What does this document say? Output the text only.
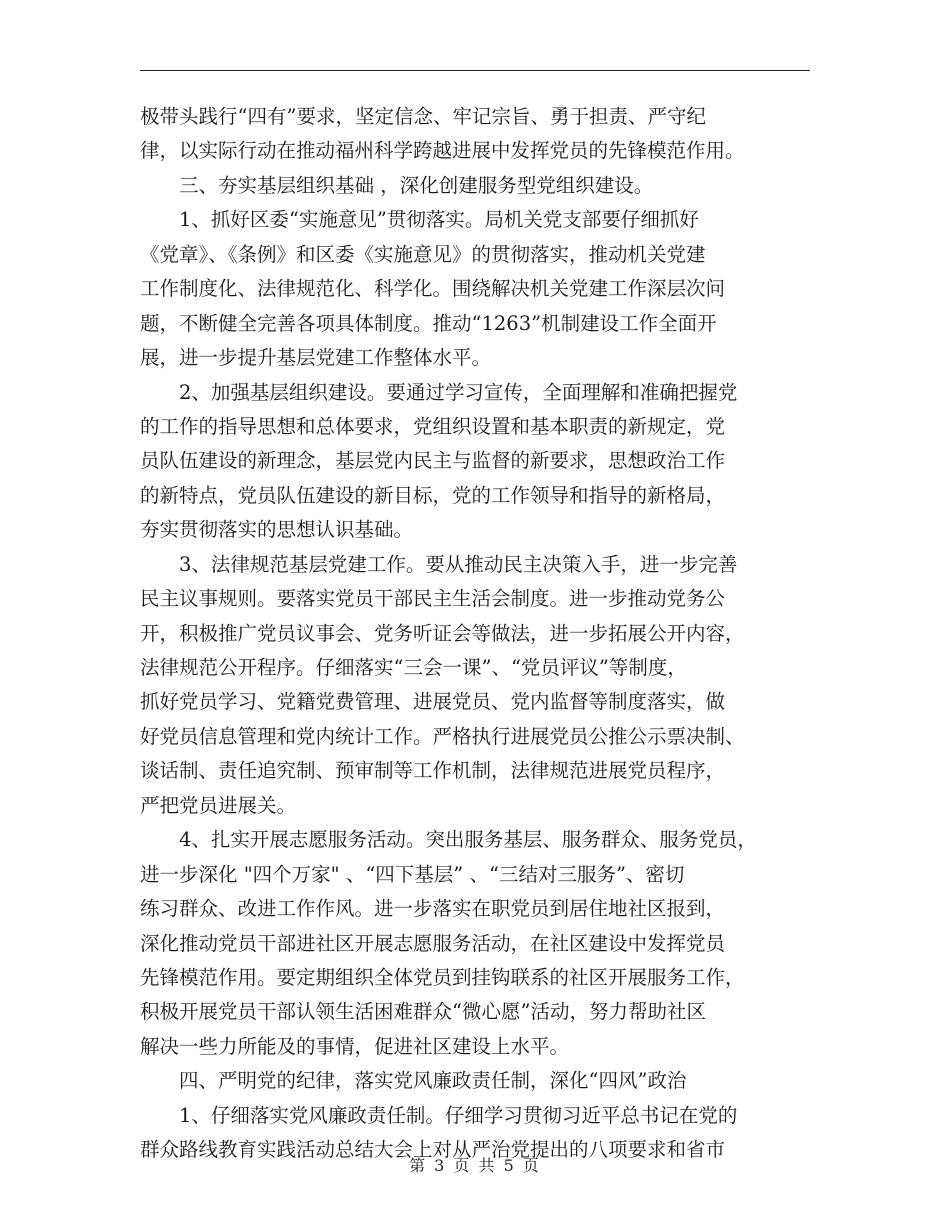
极带头践行“四有”要求，坚定信念、牢记宗旨、勇于担责、严守纪
律，以实际行动在推动福州科学跨越进展中发挥党员的先锋模范作用。
三、夯实基层组织基础 ，深化创建服务型党组织建设。
1、抓好区委“实施意见”贯彻落实。局机关党支部要仔细抓好
《党章》、《条例》和区委《实施意见》的贯彻落实，推动机关党建
工作制度化、法律规范化、科学化。围绕解决机关党建工作深层次问
题，不断健全完善各项具体制度。推动“1263”机制建设工作全面开
展，进一步提升基层党建工作整体水平。
2、加强基层组织建设。要通过学习宣传，全面理解和准确把握党
的工作的指导思想和总体要求，党组织设置和基本职责的新规定，党
员队伍建设的新理念，基层党内民主与监督的新要求，思想政治工作
的新特点，党员队伍建设的新目标，党的工作领导和指导的新格局，
夯实贯彻落实的思想认识基础。
3、法律规范基层党建工作。要从推动民主决策入手，进一步完善
民主议事规则。要落实党员干部民主生活会制度。进一步推动党务公
开，积极推广党员议事会、党务听证会等做法，进一步拓展公开内容，
法律规范公开程序。仔细落实“三会一课”、“党员评议”等制度，
抓好党员学习、党籍党费管理、进展党员、党内监督等制度落实，做
好党员信息管理和党内统计工作。严格执行进展党员公推公示票决制、
谈话制、责任追究制、预审制等工作机制，法律规范进展党员程序，
严把党员进展关。
4、扎实开展志愿服务活动。突出服务基层、服务群众、服务党员，
进一步深化 "四个万家" 、“四下基层” 、“三结对三服务”、密切
练习群众、改进工作作风。进一步落实在职党员到居住地社区报到，
深化推动党员干部进社区开展志愿服务活动，在社区建设中发挥党员
先锋模范作用。要定期组织全体党员到挂钩联系的社区开展服务工作，
积极开展党员干部认领生活困难群众“微心愿”活动，努力帮助社区
解决一些力所能及的事情，促进社区建设上水平。
四、严明党的纪律，落实党风廉政责任制，深化“四风”政治
1、仔细落实党风廉政责任制。仔细学习贯彻习近平总书记在党的
群众路线教育实践活动总结大会上对从严治党提出的八项要求和省市
第 3 页 共 5 页
